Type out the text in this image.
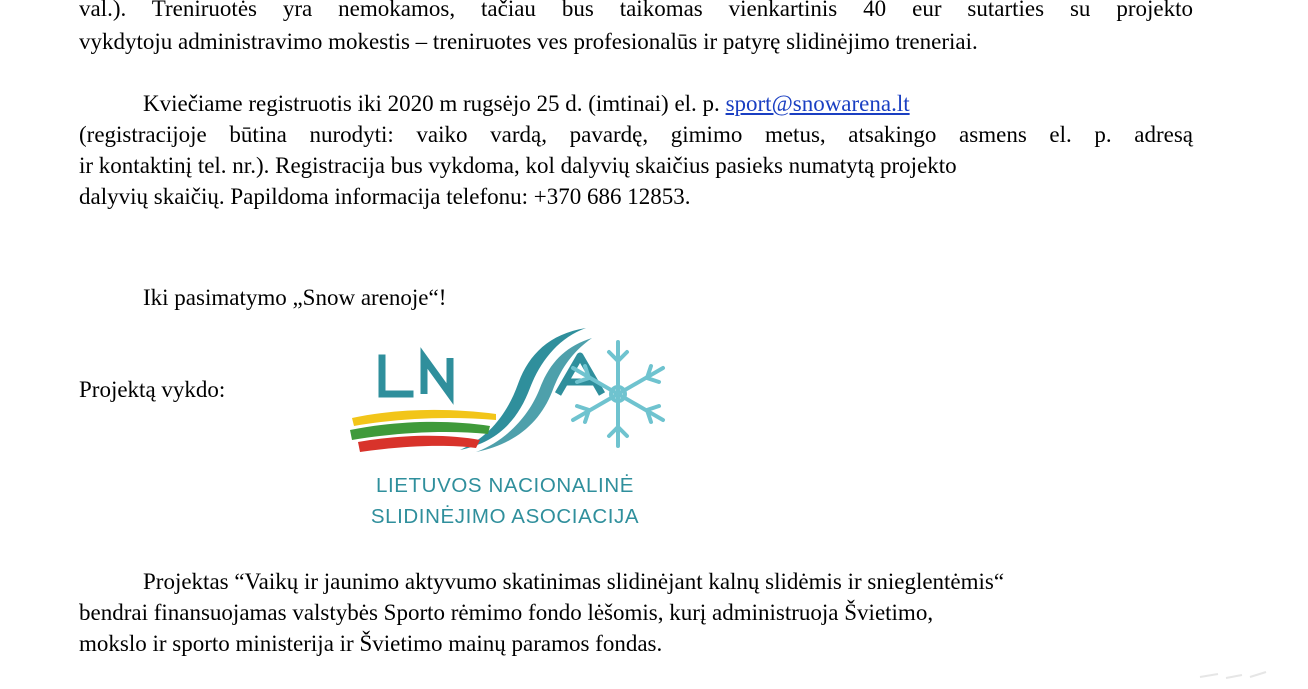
val.). Treniruotės yra nemokamos, tačiau bus taikomas vienkartinis 40 eur sutarties su projekto
vykdytoju administravimo mokestis – treniruotes ves profesionalūs ir patyrę slidinėjimo treneriai.
Kviečiame registruotis iki 2020 m rugsėjo 25 d. (imtinai) el. p. sport@snowarena.lt
(registracijoje būtina nurodyti: vaiko vardą, pavardę, gimimo metus, atsakingo asmens el. p. adresą
ir kontaktinį tel. nr.). Registracija bus vykdoma, kol dalyvių skaičius pasieks numatytą projekto
dalyvių skaičių. Papildoma informacija telefonu: +370 686 12853.
Iki pasimatymo „Snow arenoje“!
Projektą vykdo:
LIETUVOS NACIONALINĖ
SLIDINĖJIMO ASOCIACIJA
Projektas “Vaikų ir jaunimo aktyvumo skatinimas slidinėjant kalnų slidėmis ir snieglentėmis“
bendrai finansuojamas valstybės Sporto rėmimo fondo lėšomis, kurį administruoja Švietimo,
mokslo ir sporto ministerija ir Švietimo mainų paramos fondas.
